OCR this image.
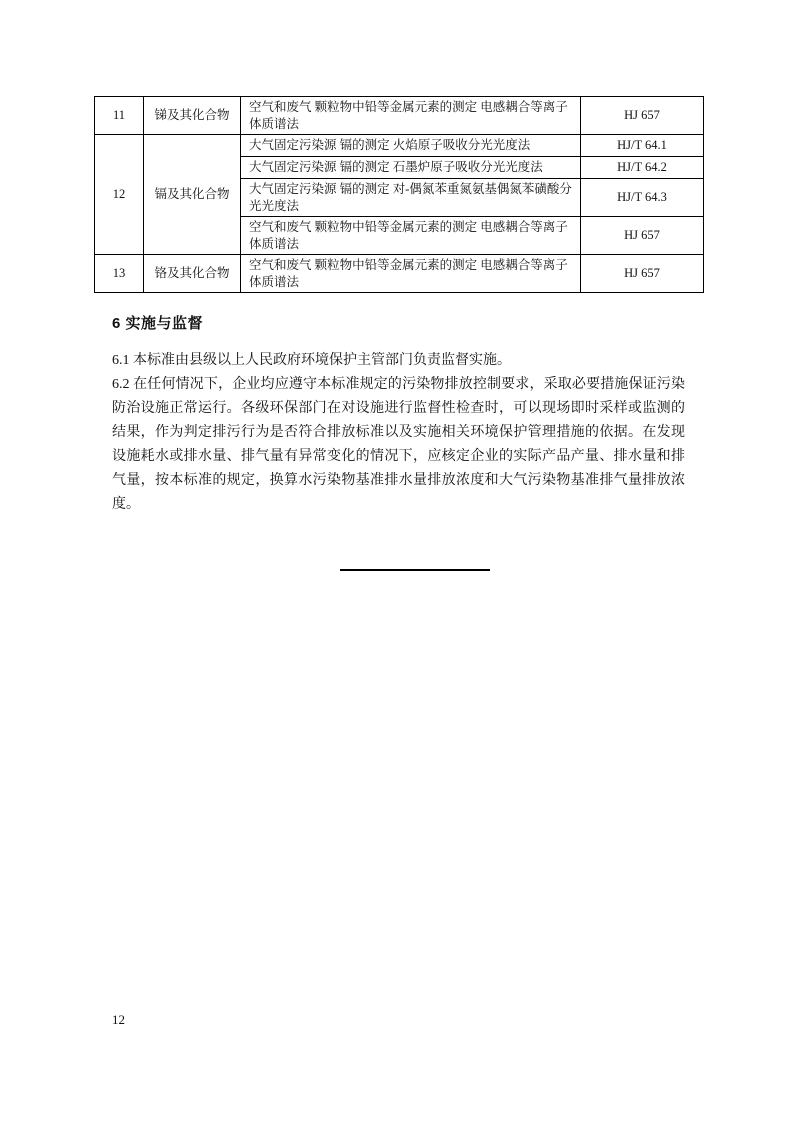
11	锑及其化合物	空气和废气 颗粒物中铅等金属元素的测定 电感耦合等离子体质谱法	HJ 657
12	镉及其化合物	大气固定污染源 镉的测定 火焰原子吸收分光光度法	HJ/T 64.1
		大气固定污染源 镉的测定 石墨炉原子吸收分光光度法	HJ/T 64.2
		大气固定污染源 镉的测定 对-偶氮苯重氮氨基偶氮苯磺酸分光光度法	HJ/T 64.3
		空气和废气 颗粒物中铅等金属元素的测定 电感耦合等离子体质谱法	HJ 657
13	铬及其化合物	空气和废气 颗粒物中铅等金属元素的测定 电感耦合等离子体质谱法	HJ 657
6 实施与监督

6.1 本标准由县级以上人民政府环境保护主管部门负责监督实施。

6.2 在任何情况下，企业均应遵守本标准规定的污染物排放控制要求，采取必要措施保证污染防治设施正常运行。各级环保部门在对设施进行监督性检查时，可以现场即时采样或监测的结果，作为判定排污行为是否符合排放标准以及实施相关环境保护管理措施的依据。在发现设施耗水或排水量、排气量有异常变化的情况下，应核定企业的实际产品产量、排水量和排气量，按本标准的规定，换算水污染物基准排水量排放浓度和大气污染物基准排气量排放浓度。

12
